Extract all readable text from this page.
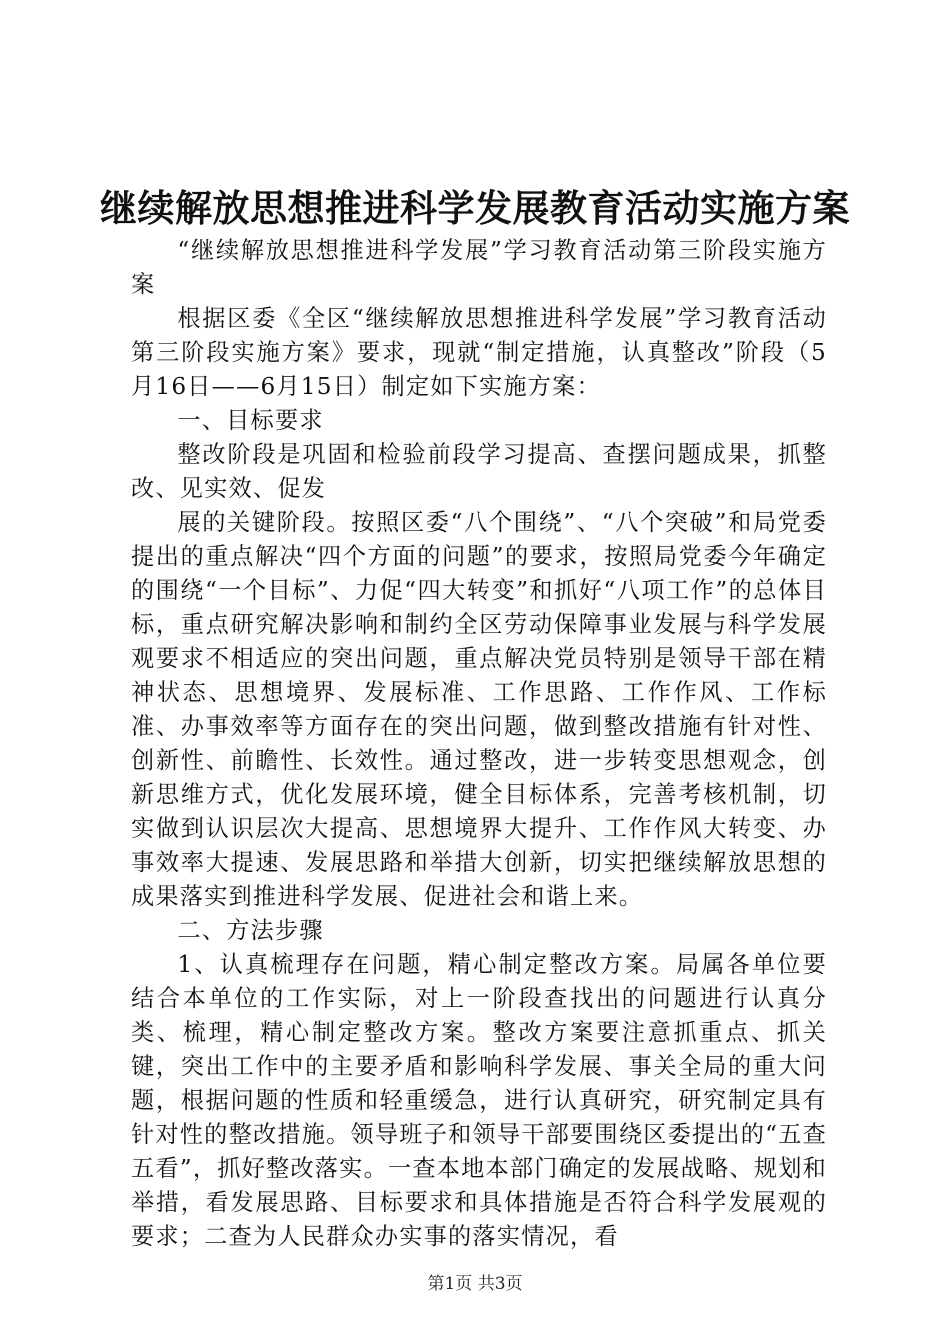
继续解放思想推进科学发展教育活动实施方案

“继续解放思想推进科学发展”学习教育活动第三阶段实施方案

根据区委《全区“继续解放思想推进科学发展”学习教育活动第三阶段实施方案》要求，现就“制定措施，认真整改”阶段（5月16日——6月15日）制定如下实施方案：

一、目标要求

整改阶段是巩固和检验前段学习提高、查摆问题成果，抓整改、见实效、促发

展的关键阶段。按照区委“八个围绕”、“八个突破”和局党委提出的重点解决“四个方面的问题”的要求，按照局党委今年确定的围绕“一个目标”、力促“四大转变”和抓好“八项工作”的总体目标，重点研究解决影响和制约全区劳动保障事业发展与科学发展观要求不相适应的突出问题，重点解决党员特别是领导干部在精神状态、思想境界、发展标准、工作思路、工作作风、工作标准、办事效率等方面存在的突出问题，做到整改措施有针对性、创新性、前瞻性、长效性。通过整改，进一步转变思想观念，创新思维方式，优化发展环境，健全目标体系，完善考核机制，切实做到认识层次大提高、思想境界大提升、工作作风大转变、办事效率大提速、发展思路和举措大创新，切实把继续解放思想的成果落实到推进科学发展、促进社会和谐上来。

二、方法步骤

1、认真梳理存在问题，精心制定整改方案。局属各单位要结合本单位的工作实际，对上一阶段查找出的问题进行认真分类、梳理，精心制定整改方案。整改方案要注意抓重点、抓关键，突出工作中的主要矛盾和影响科学发展、事关全局的重大问题，根据问题的性质和轻重缓急，进行认真研究，研究制定具有针对性的整改措施。领导班子和领导干部要围绕区委提出的“五查五看”，抓好整改落实。一查本地本部门确定的发展战略、规划和举措，看发展思路、目标要求和具体措施是否符合科学发展观的要求；二查为人民群众办实事的落实情况，看

第1页 共3页
